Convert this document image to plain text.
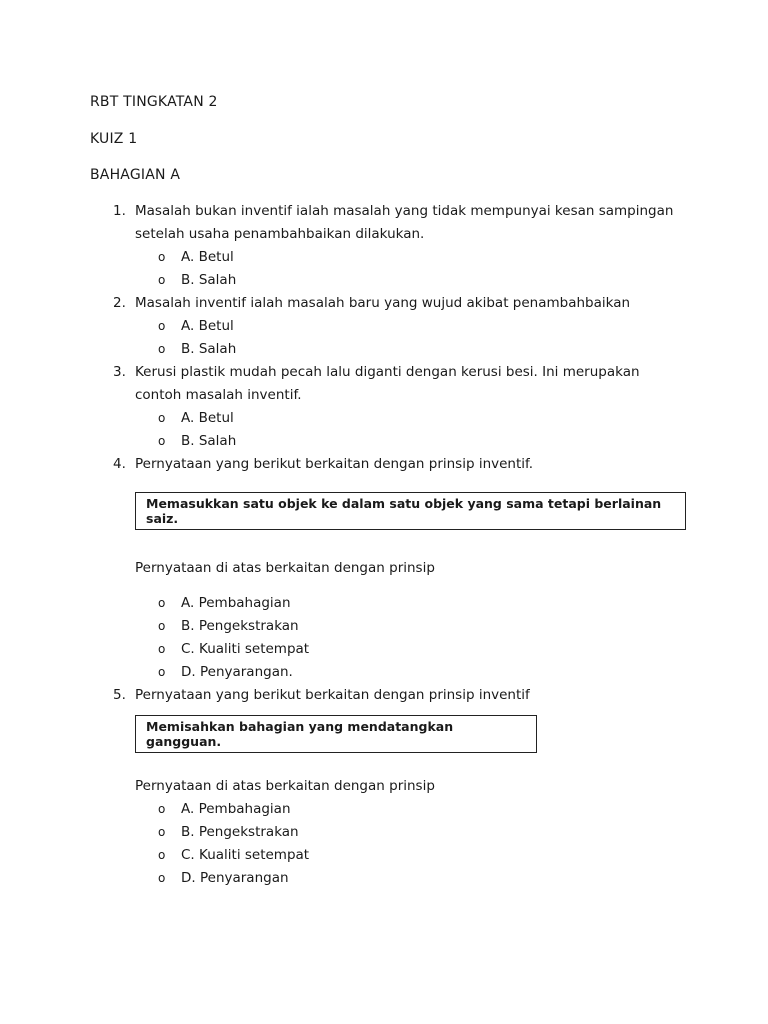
RBT TINGKATAN 2
KUIZ 1
BAHAGIAN A
1. Masalah bukan inventif ialah masalah yang tidak mempunyai kesan sampingan setelah usaha penambahbaikan dilakukan.
o A. Betul
o B. Salah
2. Masalah inventif ialah masalah baru yang wujud akibat penambahbaikan
o A. Betul
o B. Salah
3. Kerusi plastik mudah pecah lalu diganti dengan kerusi besi. Ini merupakan contoh masalah inventif.
o A. Betul
o B. Salah
4. Pernyataan yang berikut berkaitan dengan prinsip inventif.
Memasukkan satu objek ke dalam satu objek yang sama tetapi berlainan saiz.
Pernyataan di atas berkaitan dengan prinsip
o A. Pembahagian
o B. Pengekstrakan
o C. Kualiti setempat
o D. Penyarangan.
5. Pernyataan yang berikut berkaitan dengan prinsip inventif
Memisahkan bahagian yang mendatangkan gangguan.
Pernyataan di atas berkaitan dengan prinsip
o A. Pembahagian
o B. Pengekstrakan
o C. Kualiti setempat
o D. Penyarangan
